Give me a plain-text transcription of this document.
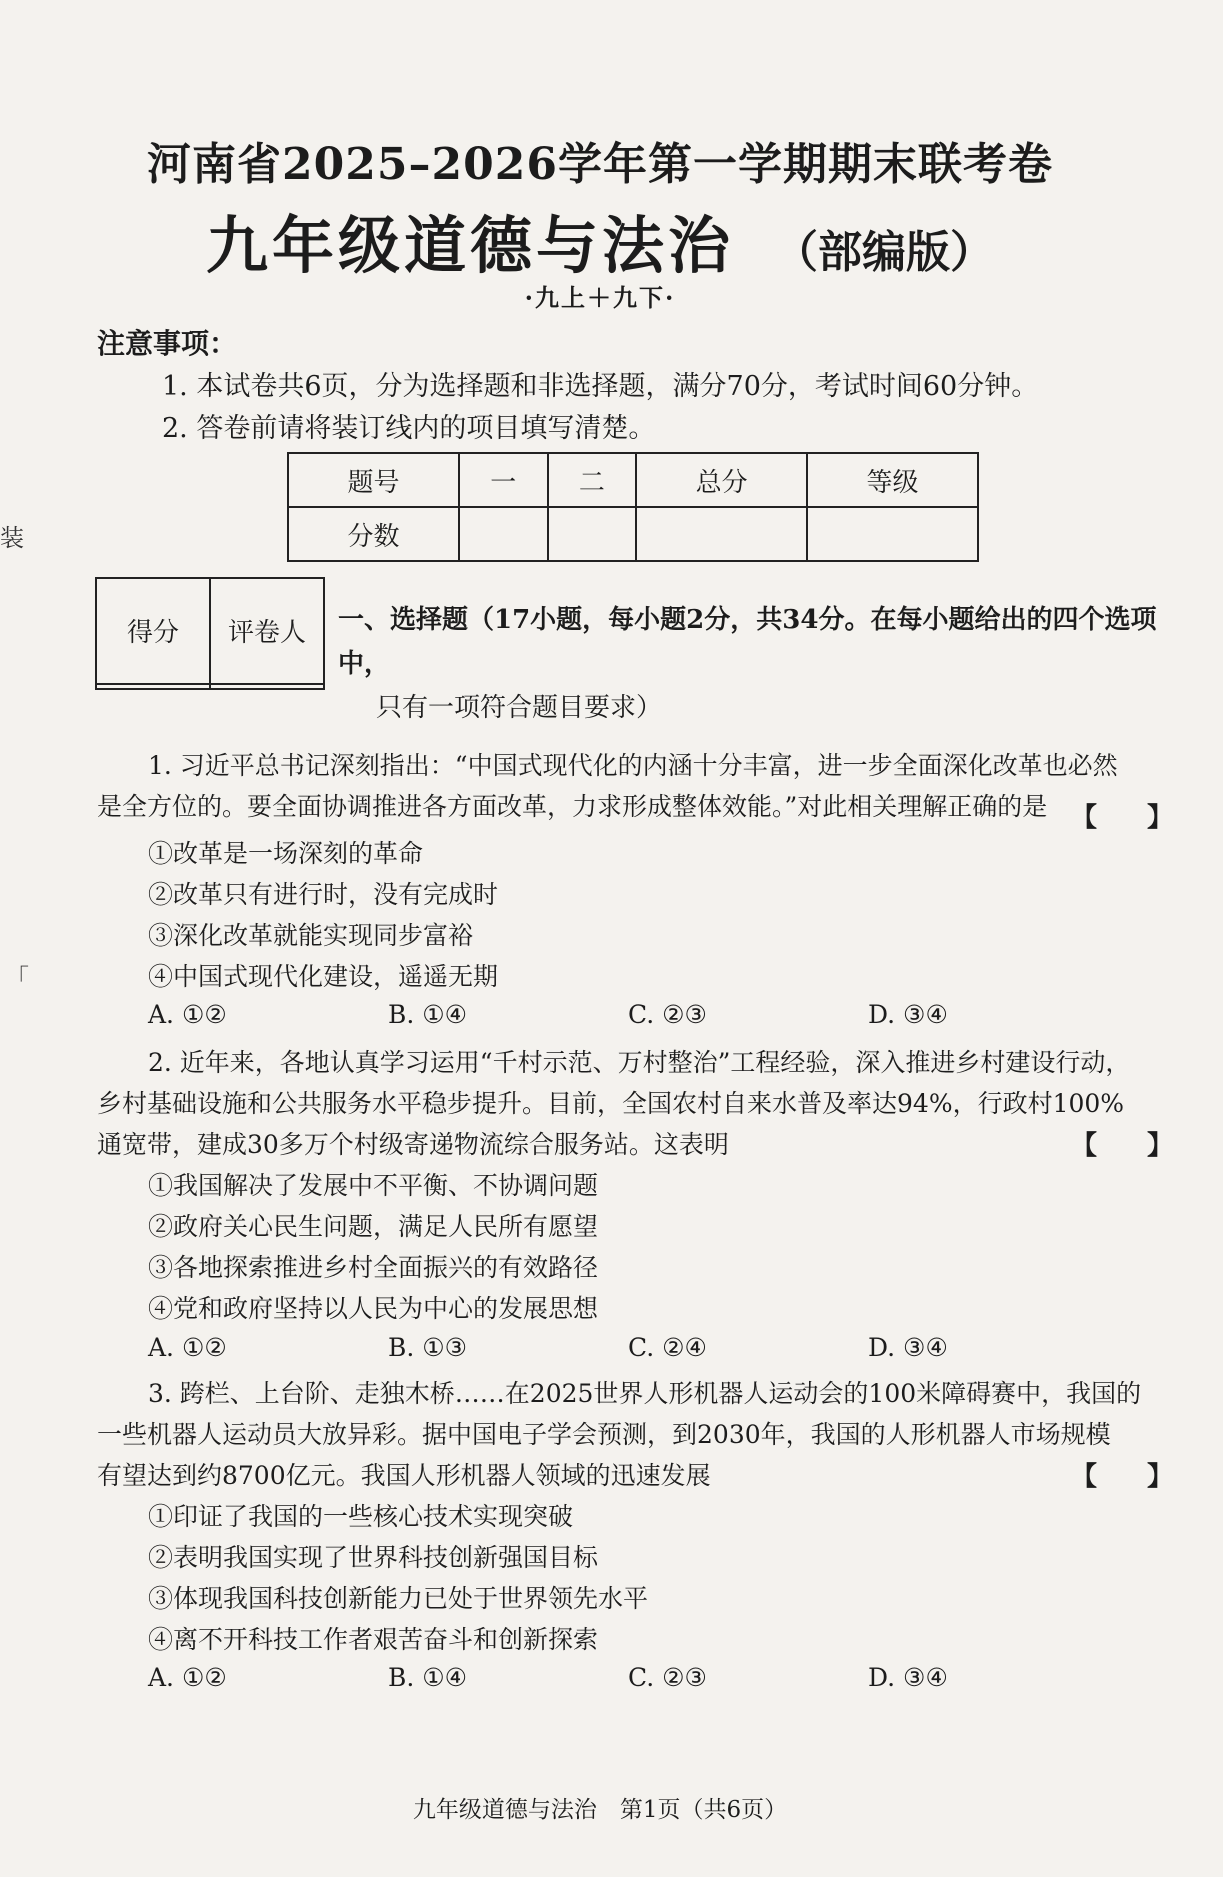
装
「
河南省2025–2026学年第一学期期末联考卷
九年级道德与法治 （部编版）
·九上＋九下·
注意事项：
1. 本试卷共6页，分为选择题和非选择题，满分70分，考试时间60分钟。
2. 答卷前请将装订线内的项目填写清楚。
题号	一	二	总分	等级
分数				
得分	评卷人
	一、选择题（17小题，每小题2分，共34分。在每小题给出的四个选项中，
只有一项符合题目要求）
1. 习近平总书记深刻指出：“中国式现代化的内涵十分丰富，进一步全面深化改革也必然
是全方位的。要全面协调推进各方面改革，力求形成整体效能。”对此相关理解正确的是 【】
①改革是一场深刻的革命
②改革只有进行时，没有完成时
③深化改革就能实现同步富裕
④中国式现代化建设，遥遥无期
A. ①②	B. ①④	C. ②③	D. ③④
2. 近年来，各地认真学习运用“千村示范、万村整治”工程经验，深入推进乡村建设行动，
乡村基础设施和公共服务水平稳步提升。目前，全国农村自来水普及率达94%，行政村100%
通宽带，建成30多万个村级寄递物流综合服务站。这表明	【】
①我国解决了发展中不平衡、不协调问题
②政府关心民生问题，满足人民所有愿望
③各地探索推进乡村全面振兴的有效路径
④党和政府坚持以人民为中心的发展思想
A. ①②	B. ①③	C. ②④	D. ③④
3. 跨栏、上台阶、走独木桥……在2025世界人形机器人运动会的100米障碍赛中，我国的
一些机器人运动员大放异彩。据中国电子学会预测，到2030年，我国的人形机器人市场规模
有望达到约8700亿元。我国人形机器人领域的迅速发展	【】
①印证了我国的一些核心技术实现突破
②表明我国实现了世界科技创新强国目标
③体现我国科技创新能力已处于世界领先水平
④离不开科技工作者艰苦奋斗和创新探索
A. ①②	B. ①④	C. ②③	D. ③④
九年级道德与法治　第1页（共6页）
